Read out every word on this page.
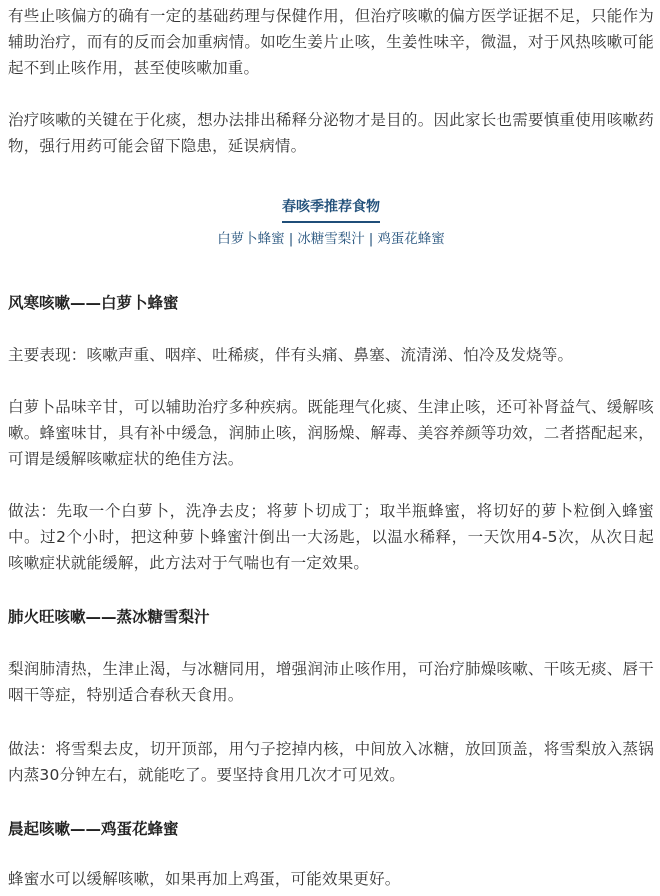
有些止咳偏方的确有一定的基础药理与保健作用，但治疗咳嗽的偏方医学证据不足，只能作为辅助治疗，而有的反而会加重病情。如吃生姜片止咳，生姜性味辛，微温，对于风热咳嗽可能起不到止咳作用，甚至使咳嗽加重。

治疗咳嗽的关键在于化痰，想办法排出稀释分泌物才是目的。因此家长也需要慎重使用咳嗽药物，强行用药可能会留下隐患，延误病情。

春咳季推荐食物
白萝卜蜂蜜 | 冰糖雪梨汁 | 鸡蛋花蜂蜜

风寒咳嗽——白萝卜蜂蜜

主要表现：咳嗽声重、咽痒、吐稀痰，伴有头痛、鼻塞、流清涕、怕冷及发烧等。

白萝卜品味辛甘，可以辅助治疗多种疾病。既能理气化痰、生津止咳，还可补肾益气、缓解咳嗽。蜂蜜味甘，具有补中缓急，润肺止咳，润肠燥、解毒、美容养颜等功效，二者搭配起来，可谓是缓解咳嗽症状的绝佳方法。

做法：先取一个白萝卜，洗净去皮；将萝卜切成丁；取半瓶蜂蜜，将切好的萝卜粒倒入蜂蜜中。过2个小时，把这种萝卜蜂蜜汁倒出一大汤匙，以温水稀释，一天饮用4-5次，从次日起咳嗽症状就能缓解，此方法对于气喘也有一定效果。

肺火旺咳嗽——蒸冰糖雪梨汁

梨润肺清热，生津止渴，与冰糖同用，增强润沛止咳作用，可治疗肺燥咳嗽、干咳无痰、唇干咽干等症，特别适合春秋天食用。

做法：将雪梨去皮，切开顶部，用勺子挖掉内核，中间放入冰糖，放回顶盖，将雪梨放入蒸锅内蒸30分钟左右，就能吃了。要坚持食用几次才可见效。

晨起咳嗽——鸡蛋花蜂蜜

蜂蜜水可以缓解咳嗽，如果再加上鸡蛋，可能效果更好。
